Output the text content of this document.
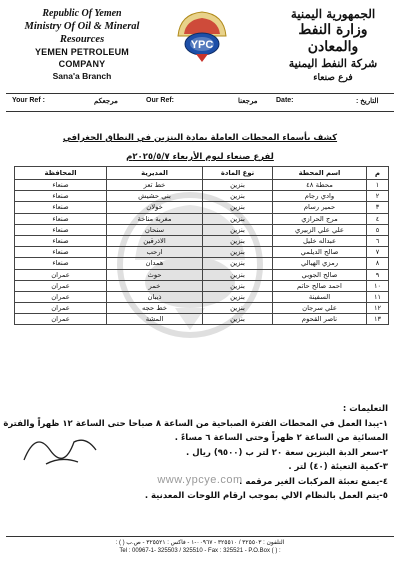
Republic Of Yemen
Ministry Of Oil & Mineral Resources
YEMEN PETROLEUM COMPANY
Sana'a Branch
YPC
الجمهورية اليمنية
وزارة النفط والمعادن
شركة النفط اليمنية
فرع صنعاء
Your Ref :	مرجعكم	Our Ref:	مرجعنا	Date:	التاريخ :
كشف بأسماء المحطات العاملة بمادة البنزين في النطاق الجغرافي
لفرع صنعاء ليوم الأربعاء ٢٠٢٥/٥/٧م
م	اسم المحطة	نوع المادة	المديرية	المحافظة
١	محطة ٤٨	بنزين	خط تعز	صنعاء
٢	وادي رجام	بنزين	بني حشيش	صنعاء
٣	حمير رسام	بنزين	خولان	صنعاء
٤	مرج الحرازي	بنزين	مغربة مناخة	صنعاء
٥	علي علي الزبيري	بنزين	سنحان	صنعاء
٦	عبداله خليل	بنزين	الاذرقين	صنعاء
٧	صالح الديلمي	بنزين	ارحب	صنعاء
٨	رمزي الهيالي	بنزين	همدان	صنعاء
٩	صالح الجوبي	بنزين	حوث	عمران
١٠	احمد صالح حاتم	بنزين	خمر	عمران
١١	السفينة	بنزين	ذيبان	عمران
١٢	علي سرجان	بنزين	خط حجه	عمران
١٣	ناصر القحوم	بنزين	المشة	عمران
التعليمات :
١-يبدا العمل في المحطات الفترة الصباحية من الساعة ٨ صباحا حتى الساعة ١٢ ظهراً والفترة
المسائية من الساعة ٢ ظهراً وحتى الساعة ٦ مساءً .
٢-سعر الدبة البنزين سعة ٢٠ لتر ب (٩٥٠٠) ريال .
٣-كمية التعبئة (٤٠) لتر .
٤-يمنع تعبئة المركبات الغير مرقمه .
٥-يتم العمل بالنظام الالي بموجب ارقام اللوحات المعدنية .
www.ypcye.com
التلفون : ٣٢٥٥٠٣ / ٣٢٥٥١٠ - ٠٠٩٦٧-١ - فاكس : ٣٢٥٥٢١ - ص.ب ( ) :
Tel : 00967-1- 325503 / 325510 - Fax : 325521 - P.O.Box ( ) :
